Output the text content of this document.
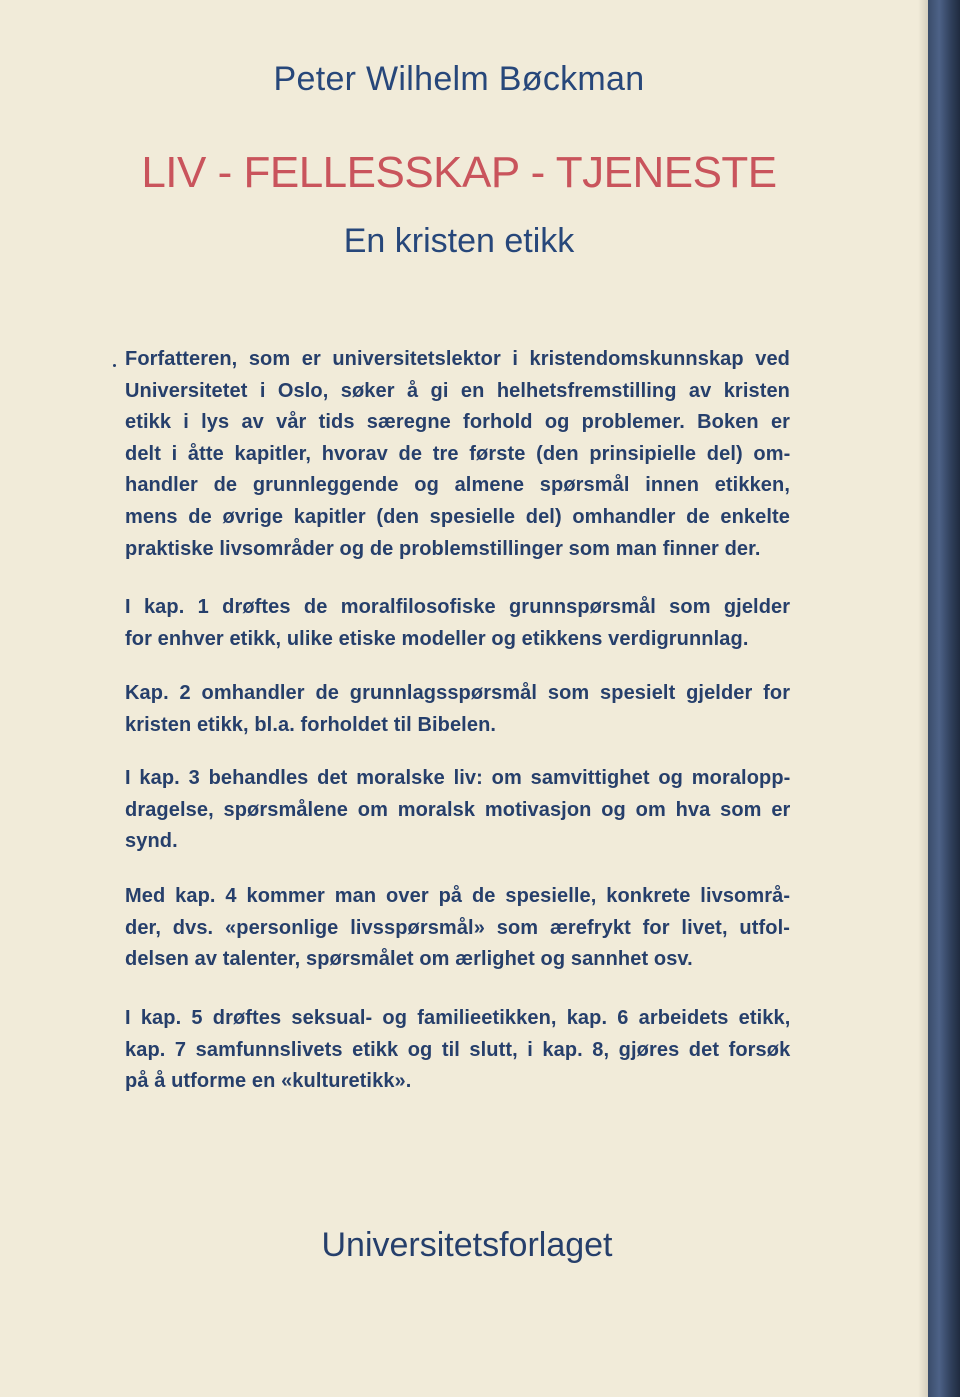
Peter Wilhelm Bøckman
LIV - FELLESSKAP - TJENESTE
En kristen etikk
Forfatteren, som er universitetslektor i kristendomskunnskap ved
Universitetet i Oslo, søker å gi en helhetsfremstilling av kristen
etikk i lys av vår tids særegne forhold og problemer. Boken er
delt i åtte kapitler, hvorav de tre første (den prinsipielle del) om-
handler de grunnleggende og almene spørsmål innen etikken,
mens de øvrige kapitler (den spesielle del) omhandler de enkelte
praktiske livsområder og de problemstillinger som man finner der.
I kap. 1 drøftes de moralfilosofiske grunnspørsmål som gjelder
for enhver etikk, ulike etiske modeller og etikkens verdigrunnlag.
Kap. 2 omhandler de grunnlagsspørsmål som spesielt gjelder for
kristen etikk, bl.a. forholdet til Bibelen.
I kap. 3 behandles det moralske liv: om samvittighet og moralopp-
dragelse, spørsmålene om moralsk motivasjon og om hva som er
synd.
Med kap. 4 kommer man over på de spesielle, konkrete livsområ-
der, dvs. «personlige livsspørsmål» som ærefrykt for livet, utfol-
delsen av talenter, spørsmålet om ærlighet og sannhet osv.
I kap. 5 drøftes seksual- og familieetikken, kap. 6 arbeidets etikk,
kap. 7 samfunnslivets etikk og til slutt, i kap. 8, gjøres det forsøk
på å utforme en «kulturetikk».
Universitetsforlaget
